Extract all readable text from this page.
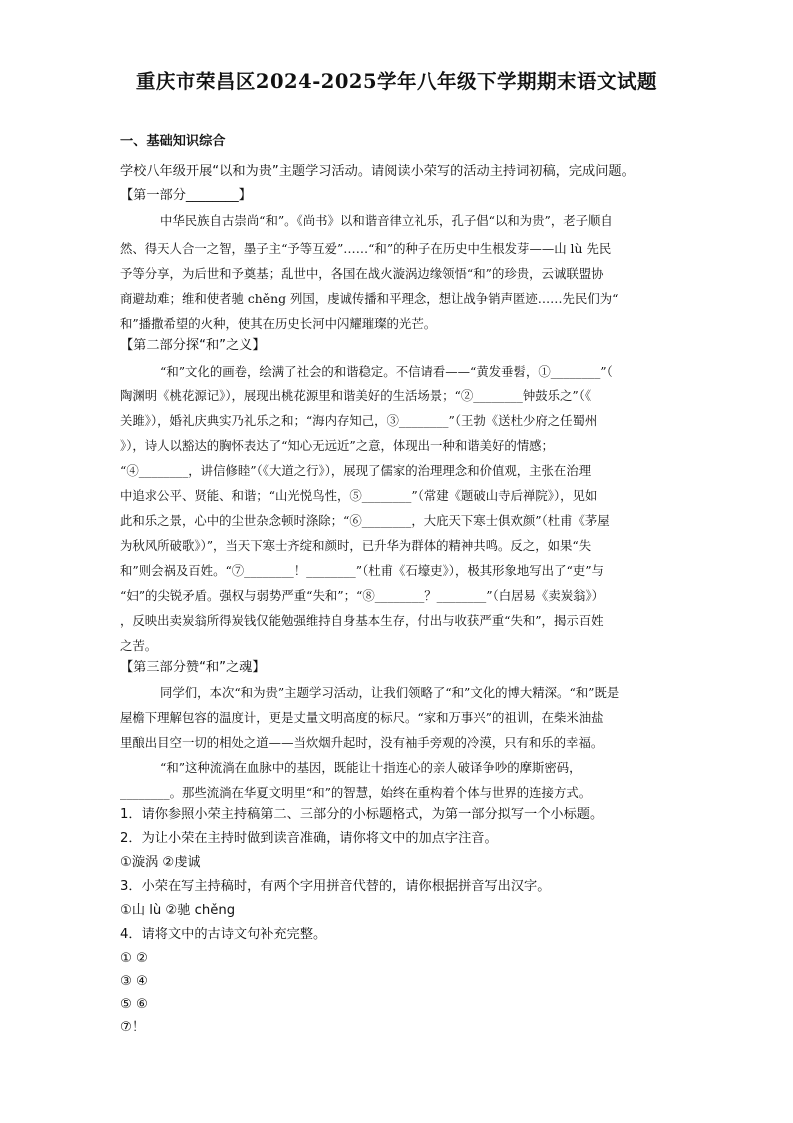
重庆市荣昌区2024-2025学年八年级下学期期末语文试题
一、基础知识综合
学校八年级开展“以和为贵”主题学习活动。请阅读小荣写的活动主持词初稿，完成问题。
【第一部分________】
中华民族自古崇尚“和”。《尚书》以和谐音律立礼乐，孔子倡“以和为贵”，老子顺自
然、得天人合一之智，墨子主“予等互爱”……“和”的种子在历史中生根发芽——山 lù 先民
予等分享，为后世和予奠基；乱世中，各国在战火漩涡边缘领悟“和”的珍贵，云诚联盟协
商避劫难；维和使者驰 chěng 列国，虔诚传播和平理念，想让战争销声匿迹……先民们为“
和”播撒希望的火种，使其在历史长河中闪耀璀璨的光芒。
【第二部分探“和”之义】
“和”文化的画卷，绘满了社会的和谐稳定。不信请看——“黄发垂髫，①________”（
陶渊明《桃花源记》），展现出桃花源里和谐美好的生活场景；“②________钟鼓乐之”（《
关雎》），婚礼庆典实乃礼乐之和；“海内存知己，③________”（王勃《送杜少府之任蜀州
》），诗人以豁达的胸怀表达了“知心无远近”之意，体现出一种和谐美好的情感；
“④________，讲信修睦”（《大道之行》），展现了儒家的治理理念和价值观，主张在治理
中追求公平、贤能、和谐；“山光悦鸟性，⑤________”（常建《题破山寺后禅院》），见如
此和乐之景，心中的尘世杂念顿时涤除；“⑥________，大庇天下寒士俱欢颜”（杜甫《茅屋
为秋风所破歌》）”，当天下寒士齐绽和颜时，已升华为群体的精神共鸣。反之，如果“失
和”则会祸及百姓。“⑦________！________”（杜甫《石壕吏》），极其形象地写出了“吏”与
“妇”的尖锐矛盾。强权与弱势严重“失和”；“⑧________？________”（白居易《卖炭翁》）
，反映出卖炭翁所得炭钱仅能勉强维持自身基本生存，付出与收获严重“失和”，揭示百姓
之苦。
【第三部分赞“和”之魂】
同学们，本次“和为贵”主题学习活动，让我们领略了“和”文化的博大精深。“和”既是
屋檐下理解包容的温度计，更是丈量文明高度的标尺。“家和万事兴”的祖训，在柴米油盐
里酿出目空一切的相处之道——当炊烟升起时，没有袖手旁观的冷漠，只有和乐的幸福。
“和”这种流淌在血脉中的基因，既能让十指连心的亲人破译争吵的摩斯密码，
________。那些流淌在华夏文明里“和”的智慧，始终在重构着个体与世界的连接方式。
1．请你参照小荣主持稿第二、三部分的小标题格式，为第一部分拟写一个小标题。
2．为让小荣在主持时做到读音准确，请你将文中的加点字注音。
①漩涡 ②虔诚
3．小荣在写主持稿时，有两个字用拼音代替的，请你根据拼音写出汉字。
①山 lù ②驰 chěng
4．请将文中的古诗文句补充完整。
① ②
③ ④
⑤ ⑥
⑦！
